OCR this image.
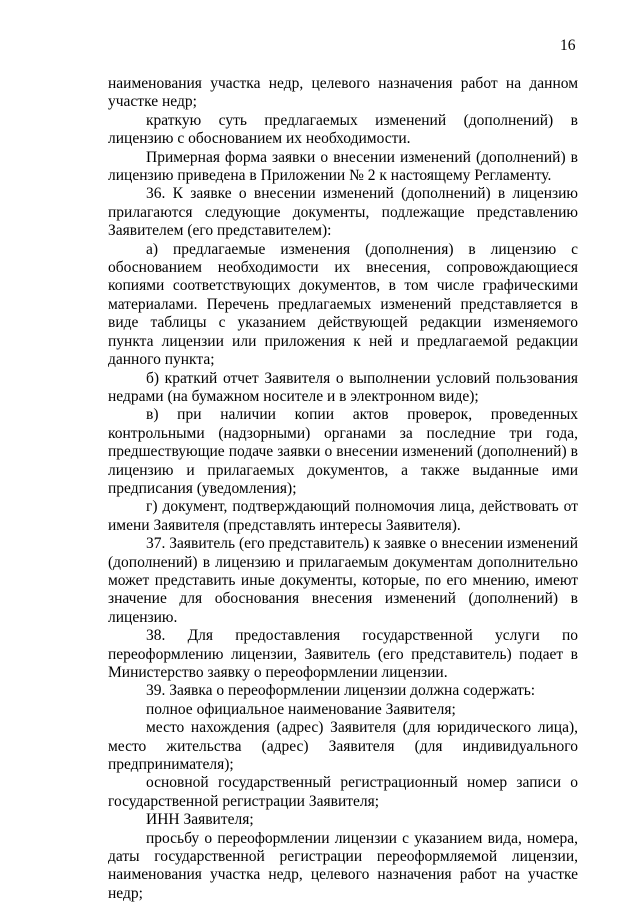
16

наименования участка недр, целевого назначения работ на данном участке недр;

краткую суть предлагаемых изменений (дополнений) в лицензию с обоснованием их необходимости.

Примерная форма заявки о внесении изменений (дополнений) в лицензию приведена в Приложении № 2 к настоящему Регламенту.

36. К заявке о внесении изменений (дополнений) в лицензию прилагаются следующие документы, подлежащие представлению Заявителем (его представителем):

а) предлагаемые изменения (дополнения) в лицензию с обоснованием необходимости их внесения, сопровождающиеся копиями соответствующих документов, в том числе графическими материалами. Перечень предлагаемых изменений представляется в виде таблицы с указанием действующей редакции изменяемого пункта лицензии или приложения к ней и предлагаемой редакции данного пункта;

б) краткий отчет Заявителя о выполнении условий пользования недрами (на бумажном носителе и в электронном виде);

в) при наличии копии актов проверок, проведенных контрольными (надзорными) органами за последние три года, предшествующие подаче заявки о внесении изменений (дополнений) в лицензию и прилагаемых документов, а также выданные ими предписания (уведомления);

г) документ, подтверждающий полномочия лица, действовать от имени Заявителя (представлять интересы Заявителя).

37. Заявитель (его представитель) к заявке о внесении изменений (дополнений) в лицензию и прилагаемым документам дополнительно может представить иные документы, которые, по его мнению, имеют значение для обоснования внесения изменений (дополнений) в лицензию.

38. Для предоставления государственной услуги по переоформлению лицензии, Заявитель (его представитель) подает в Министерство заявку о переоформлении лицензии.

39. Заявка о переоформлении лицензии должна содержать:

полное официальное наименование Заявителя;

место нахождения (адрес) Заявителя (для юридического лица), место жительства (адрес) Заявителя (для индивидуального предпринимателя);

основной государственный регистрационный номер записи о государственной регистрации Заявителя;

ИНН Заявителя;

просьбу о переоформлении лицензии с указанием вида, номера, даты государственной регистрации переоформляемой лицензии, наименования участка недр, целевого назначения работ на участке недр;
